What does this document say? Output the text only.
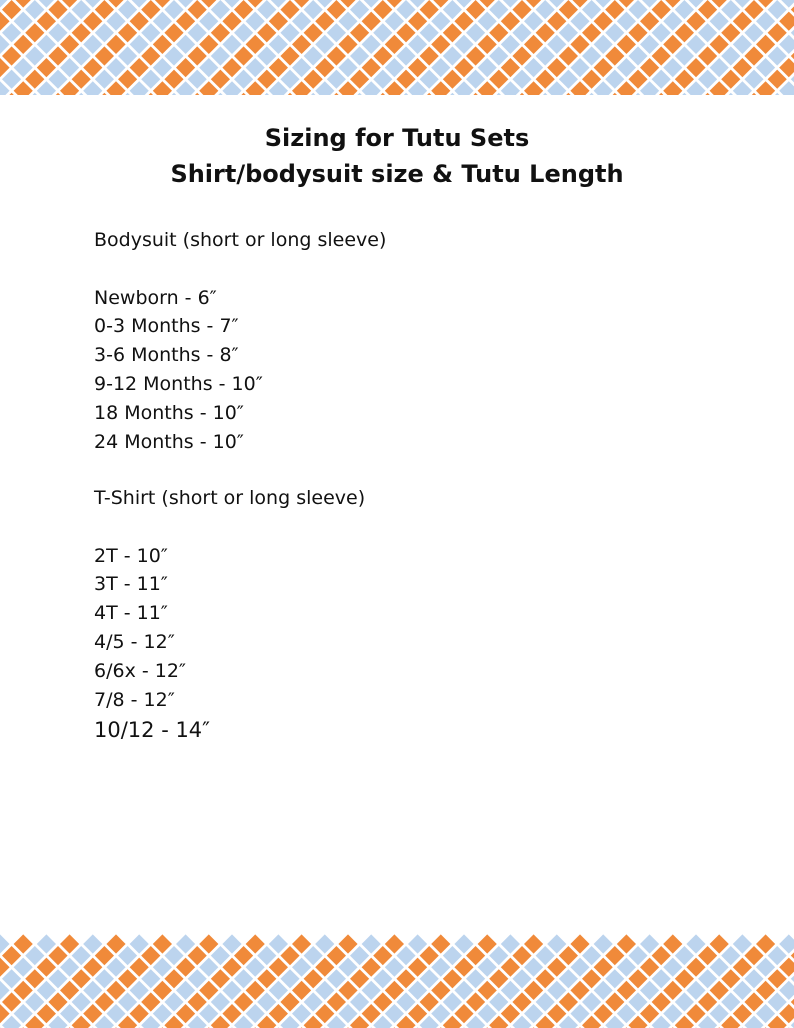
Sizing for Tutu Sets
Shirt/bodysuit size & Tutu Length
Bodysuit (short or long sleeve)
Newborn - 6″
0-3 Months - 7″
3-6 Months - 8″
9-12 Months - 10″
18 Months - 10″
24 Months - 10″
T-Shirt (short or long sleeve)
2T - 10″
3T - 11″
4T - 11″
4/5 - 12″
6/6x - 12″
7/8 - 12″
10/12 - 14″
